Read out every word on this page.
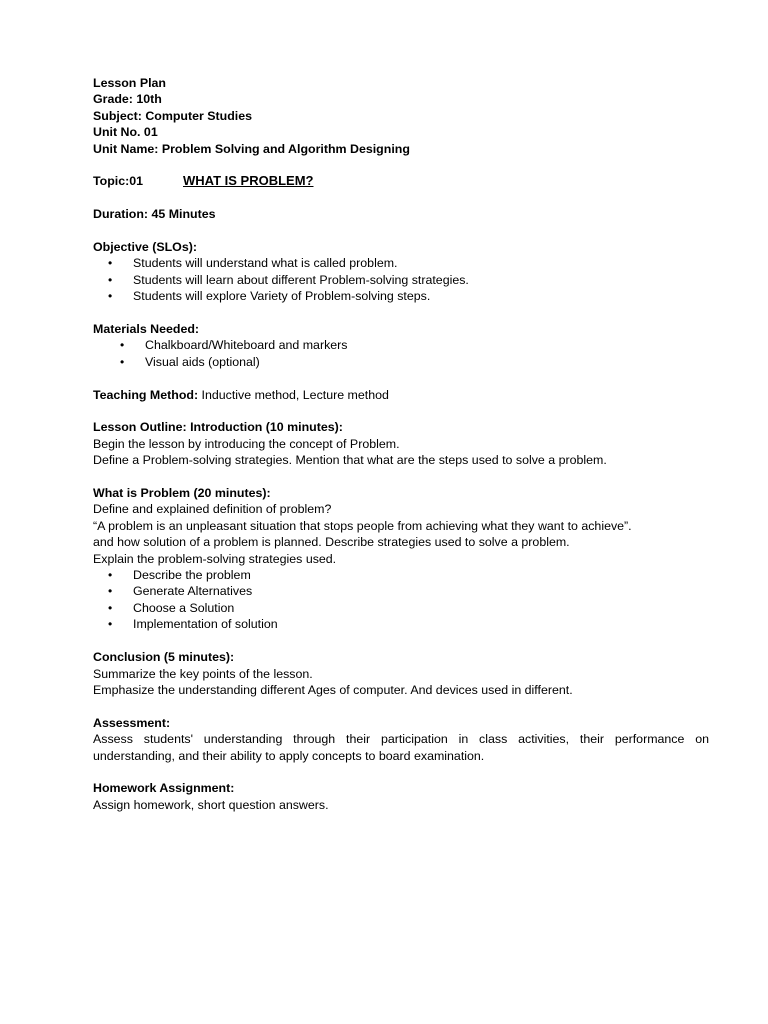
Lesson Plan
Grade: 10th
Subject: Computer Studies
Unit No. 01
Unit Name: Problem Solving and Algorithm Designing
Topic:01	WHAT IS PROBLEM?
Duration: 45 Minutes
Objective (SLOs):
• Students will understand what is called problem.
• Students will learn about different Problem-solving strategies.
• Students will explore Variety of Problem-solving steps.
Materials Needed:
• Chalkboard/Whiteboard and markers
• Visual aids (optional)
Teaching Method: Inductive method, Lecture method
Lesson Outline: Introduction (10 minutes):
Begin the lesson by introducing the concept of Problem.
Define a Problem-solving strategies. Mention that what are the steps used to solve a problem.
What is Problem (20 minutes):
Define and explained definition of problem?
“A problem is an unpleasant situation that stops people from achieving what they want to achieve”.
and how solution of a problem is planned. Describe strategies used to solve a problem.
Explain the problem-solving strategies used.
• Describe the problem
• Generate Alternatives
• Choose a Solution
• Implementation of solution
Conclusion (5 minutes):
Summarize the key points of the lesson.
Emphasize the understanding different Ages of computer. And devices used in different.
Assessment:
Assess students' understanding through their participation in class activities, their performance on
understanding, and their ability to apply concepts to board examination.
Homework Assignment:
Assign homework, short question answers.
